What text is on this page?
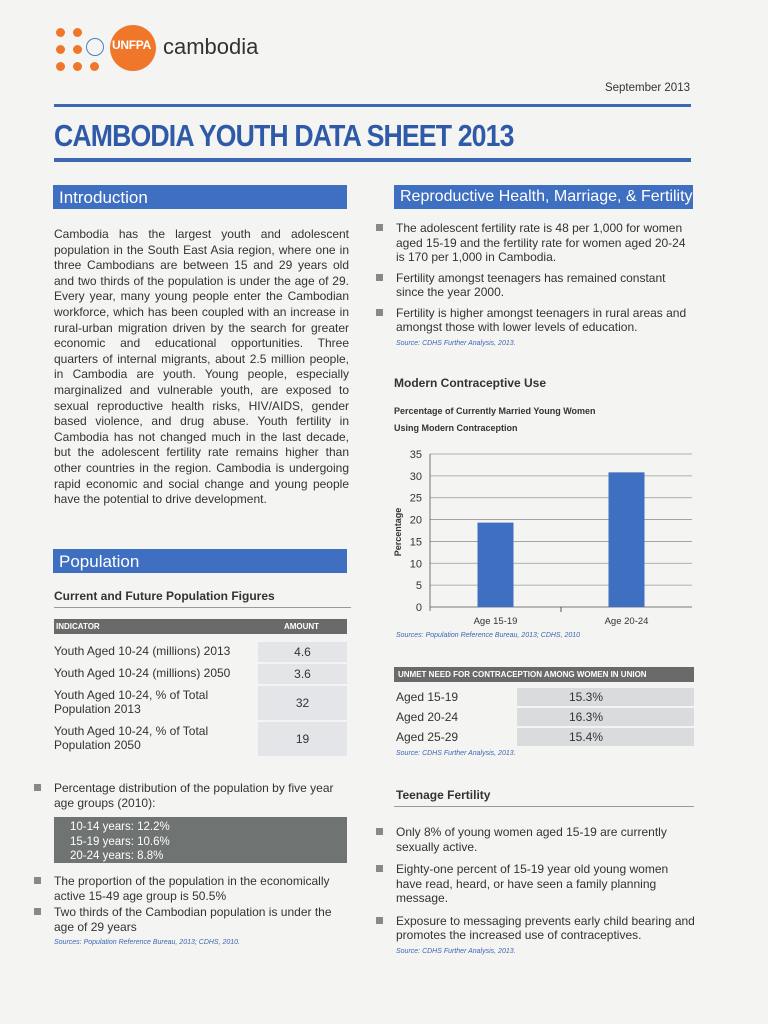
UNFPA cambodia
September 2013
CAMBODIA YOUTH DATA SHEET 2013
Introduction
Cambodia has the largest youth and adolescent population in the South East Asia region, where one in three Cambodians are between 15 and 29 years old and two thirds of the population is under the age of 29. Every year, many young people enter the Cambodian workforce, which has been coupled with an increase in rural-urban migration driven by the search for greater economic and educational opportunities. Three quarters of internal migrants, about 2.5 million people, in Cambodia are youth. Young people, especially marginalized and vulnerable youth, are exposed to sexual reproductive health risks, HIV/AIDS, gender based violence, and drug abuse. Youth fertility in Cambodia has not changed much in the last decade, but the adolescent fertility rate remains higher than other countries in the region. Cambodia is undergoing rapid economic and social change and young people have the potential to drive development.
Population
Current and Future Population Figures
INDICATOR	AMOUNT
Youth Aged 10-24 (millions) 2013	4.6
Youth Aged 10-24 (millions) 2050	3.6
Youth Aged 10-24, % of Total Population 2013	32
Youth Aged 10-24, % of Total Population 2050	19
Percentage distribution of the population by five year age groups (2010):
10-14 years: 12.2%
15-19 years: 10.6%
20-24 years: 8.8%
The proportion of the population in the economically active 15-49 age group is 50.5%
Two thirds of the Cambodian population is under the age of 29 years
Sources: Population Reference Bureau, 2013; CDHS, 2010.
Reproductive Health, Marriage, & Fertility
The adolescent fertility rate is 48 per 1,000 for women aged 15-19 and the fertility rate for women aged 20-24 is 170 per 1,000 in Cambodia.
Fertility amongst teenagers has remained constant since the year 2000.
Fertility is higher amongst teenagers in rural areas and amongst those with lower levels of education.
Source: CDHS Further Analysis, 2013.
Modern Contraceptive Use
Percentage of Currently Married Young Women
Using Modern Contraception
0
5
10
15
20
25
30
35
Age 15-19	Age 20-24
Percentage
Sources: Population Reference Bureau, 2013; CDHS, 2010
UNMET NEED FOR CONTRACEPTION AMONG WOMEN IN UNION
Aged 15-19	15.3%
Aged 20-24	16.3%
Aged 25-29	15.4%
Source: CDHS Further Analysis, 2013.
Teenage Fertility
Only 8% of young women aged 15-19 are currently sexually active.
Eighty-one percent of 15-19 year old young women have read, heard, or have seen a family planning message.
Exposure to messaging prevents early child bearing and promotes the increased use of contraceptives.
Source: CDHS Further Analysis, 2013.
